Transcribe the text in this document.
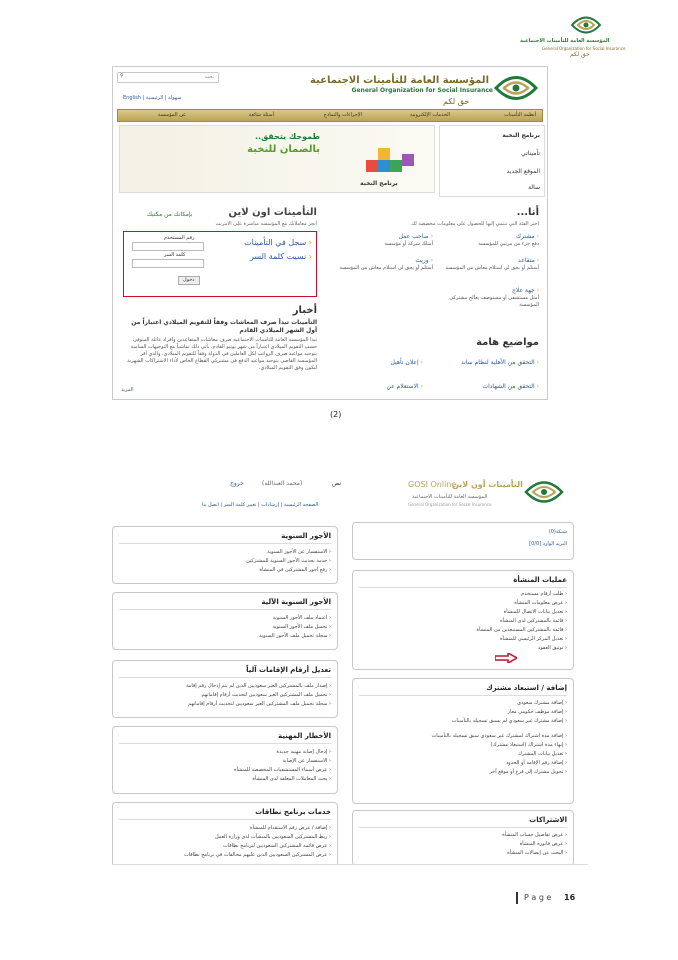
المؤسسة العامة للتأمينات الاجتماعية
General Organization for Social Insurance
حق لكم
⚲	بحث
English | سهولة | الرئيسية
المؤسسة العامة للتأمينات الاجتماعية
General Organization for Social Insurance
حق لكم
أنظمة التأمينات
الخدمات الإلكترونية
الإجراءات والنماذج
أسئلة شائعة
عن المؤسسة
برنامج النخبة
تأميناتي
الموقع الجديد
سالة
طموحك يتحقق..
بالضمان للنخبة
برنامج النخبة
التأمينات اون لاين
بإمكانك من مكتبك
أنجز معاملاتك مع المؤسسة مباشرة على الانترنت
‹ سجل في التأمينات
‹ نسيت كلمة السر
رقم المستخدم
كلمة السر
دخول
أنا...
اختر الفئة التي تنتمي إليها للحصول على معلومات مخصصة لك
‹ مشترك
دفع جزء من مرتبي للمؤسسة
‹ صاحب عمل
أمتلك شركة أو مؤسسة
‹ متقاعد
أستلم أو يحق لي استلام معاش من المؤسسة
‹ وريث
أستلم أو يحق لي استلام معاش من المؤسسة
‹ جهة علاج
أمثل مستشفى أو مستوصف يعالج مشتركي المؤسسة
أخبار
التأمينات تبدأ صرف المعاشات وفقاً للتقويم الميلادي اعتباراً من أول الشهر الميلادي القادم
تبدأ المؤسسة العامة للتأمينات الاجتماعية صرف معاشات المتقاعدين وأفراد عائلة المتوفى حسب التقويم الميلادي اعتباراً من شهر يونيو القادم، يأتي ذلك تماشياً مع التوجيهات السامية بتوحيد مواعيد صرف الرواتب لكل العاملين في الدولة وفقاً للتقويم الميلادي، والذي أقر المؤسسة القاضي بتوحيد مواعيد الدفع في مشتركي القطاع الخاص لأداء الاشتراكات الشهرية ليكون وفق التقويم الميلادي.
المزيد
مواضيع هامة
‹ التحقق من الأهلية لنظام ساند
‹ إعلان تأهيل
‹ التحقق من الشهادات
‹ الاستعلام عن
(2)
التأمينات أون لاين
GOSI Online
المؤسسة العامة للتأمينات الاجتماعية
General Organization for Social Insurance
نص
(محمد العبدالله)
خروج
الصفحة الرئيسية | إرشادات | تغيير كلمة السر | اتصل بنا
شبكة(0)
البريد الوارد [0/0]
عمليات المنشأة
‹ طلب أرقام مستخدم
‹ عرض معلومات المنشأة
‹ تعديل بيانات الاتصال للمنشأة
‹ قائمة بالمشتركين لدى المنشأة
‹ قائمة بالمشتركين المستبعدين من المنشأة
‹ تعديل المركز الرئيسي للمنشأة
‹ توثيق العقود
إضافة / استبعاد مشترك
‹ إضافة مشترك سعودي
‹ إضافة موظف حكومي معار
‹ إضافة مشترك غير سعودي لم يسبق تسجيله بالتأمينات
‹ إضافة مدة اشتراك لمشترك غير سعودي سبق تسجيله بالتأمينات
‹ إنهاء مدة اشتراك (استبعاد مشترك)
‹ تعديل بيانات المشترك
‹ إضافة رقم الإقامة أو الحدود
‹ تحويل مشترك إلى فرع أو موقع آخر
الاشتراكات
‹ عرض تفاصيل حساب المنشأة
‹ عرض فاتورة المنشأة
‹ البحث عن إيصالات المنشأة
الأجور السنوية
‹ الاستفسار عن الأجور السنوية
‹ خدمة تحديث الأجور السنوية للمشتركين
‹ رفع أجور المشتركين في المنشأة
الأجور السنوية الآلية
‹ اعتماد ملف الأجور السنوية
‹ تحميل ملف الأجور السنوية
‹ سجلة تحميل ملف الأجور السنوية
تعديل أرقام الإقامات آلياً
‹ إصدار ملف بالمشتركين الغير سعوديين الذين لم يتم إدخال رقم إقامة
‹ تحميل ملف المشتركين الغير سعوديين لتحديث أرقام إقاماتهم
‹ سجلة تحميل ملف المشتركين الغير سعوديين لتحديث أرقام إقاماتهم
الأخطار المهنية
‹ إدخال إصابة مهنية جديدة
‹ الاستفسار عن الإصابة
‹ عرض أسماء المستشفيات المخصصة للمنشأة
‹ بحث المعاملات المعلقة لدى المنشأة
خدمات برنامج نطاقات
‹ إضافة / عرض رقم الاستقدام للمنشأة
‹ ربط المشتركين السعوديين بالمنشآت لدى وزارة العمل
‹ عرض قائمة المشتركين السعوديين لبرنامج نطاقات
‹ عرض المشتركين السعوديين الذين عليهم مخالفات في برنامج نطاقات
P a g e 16
